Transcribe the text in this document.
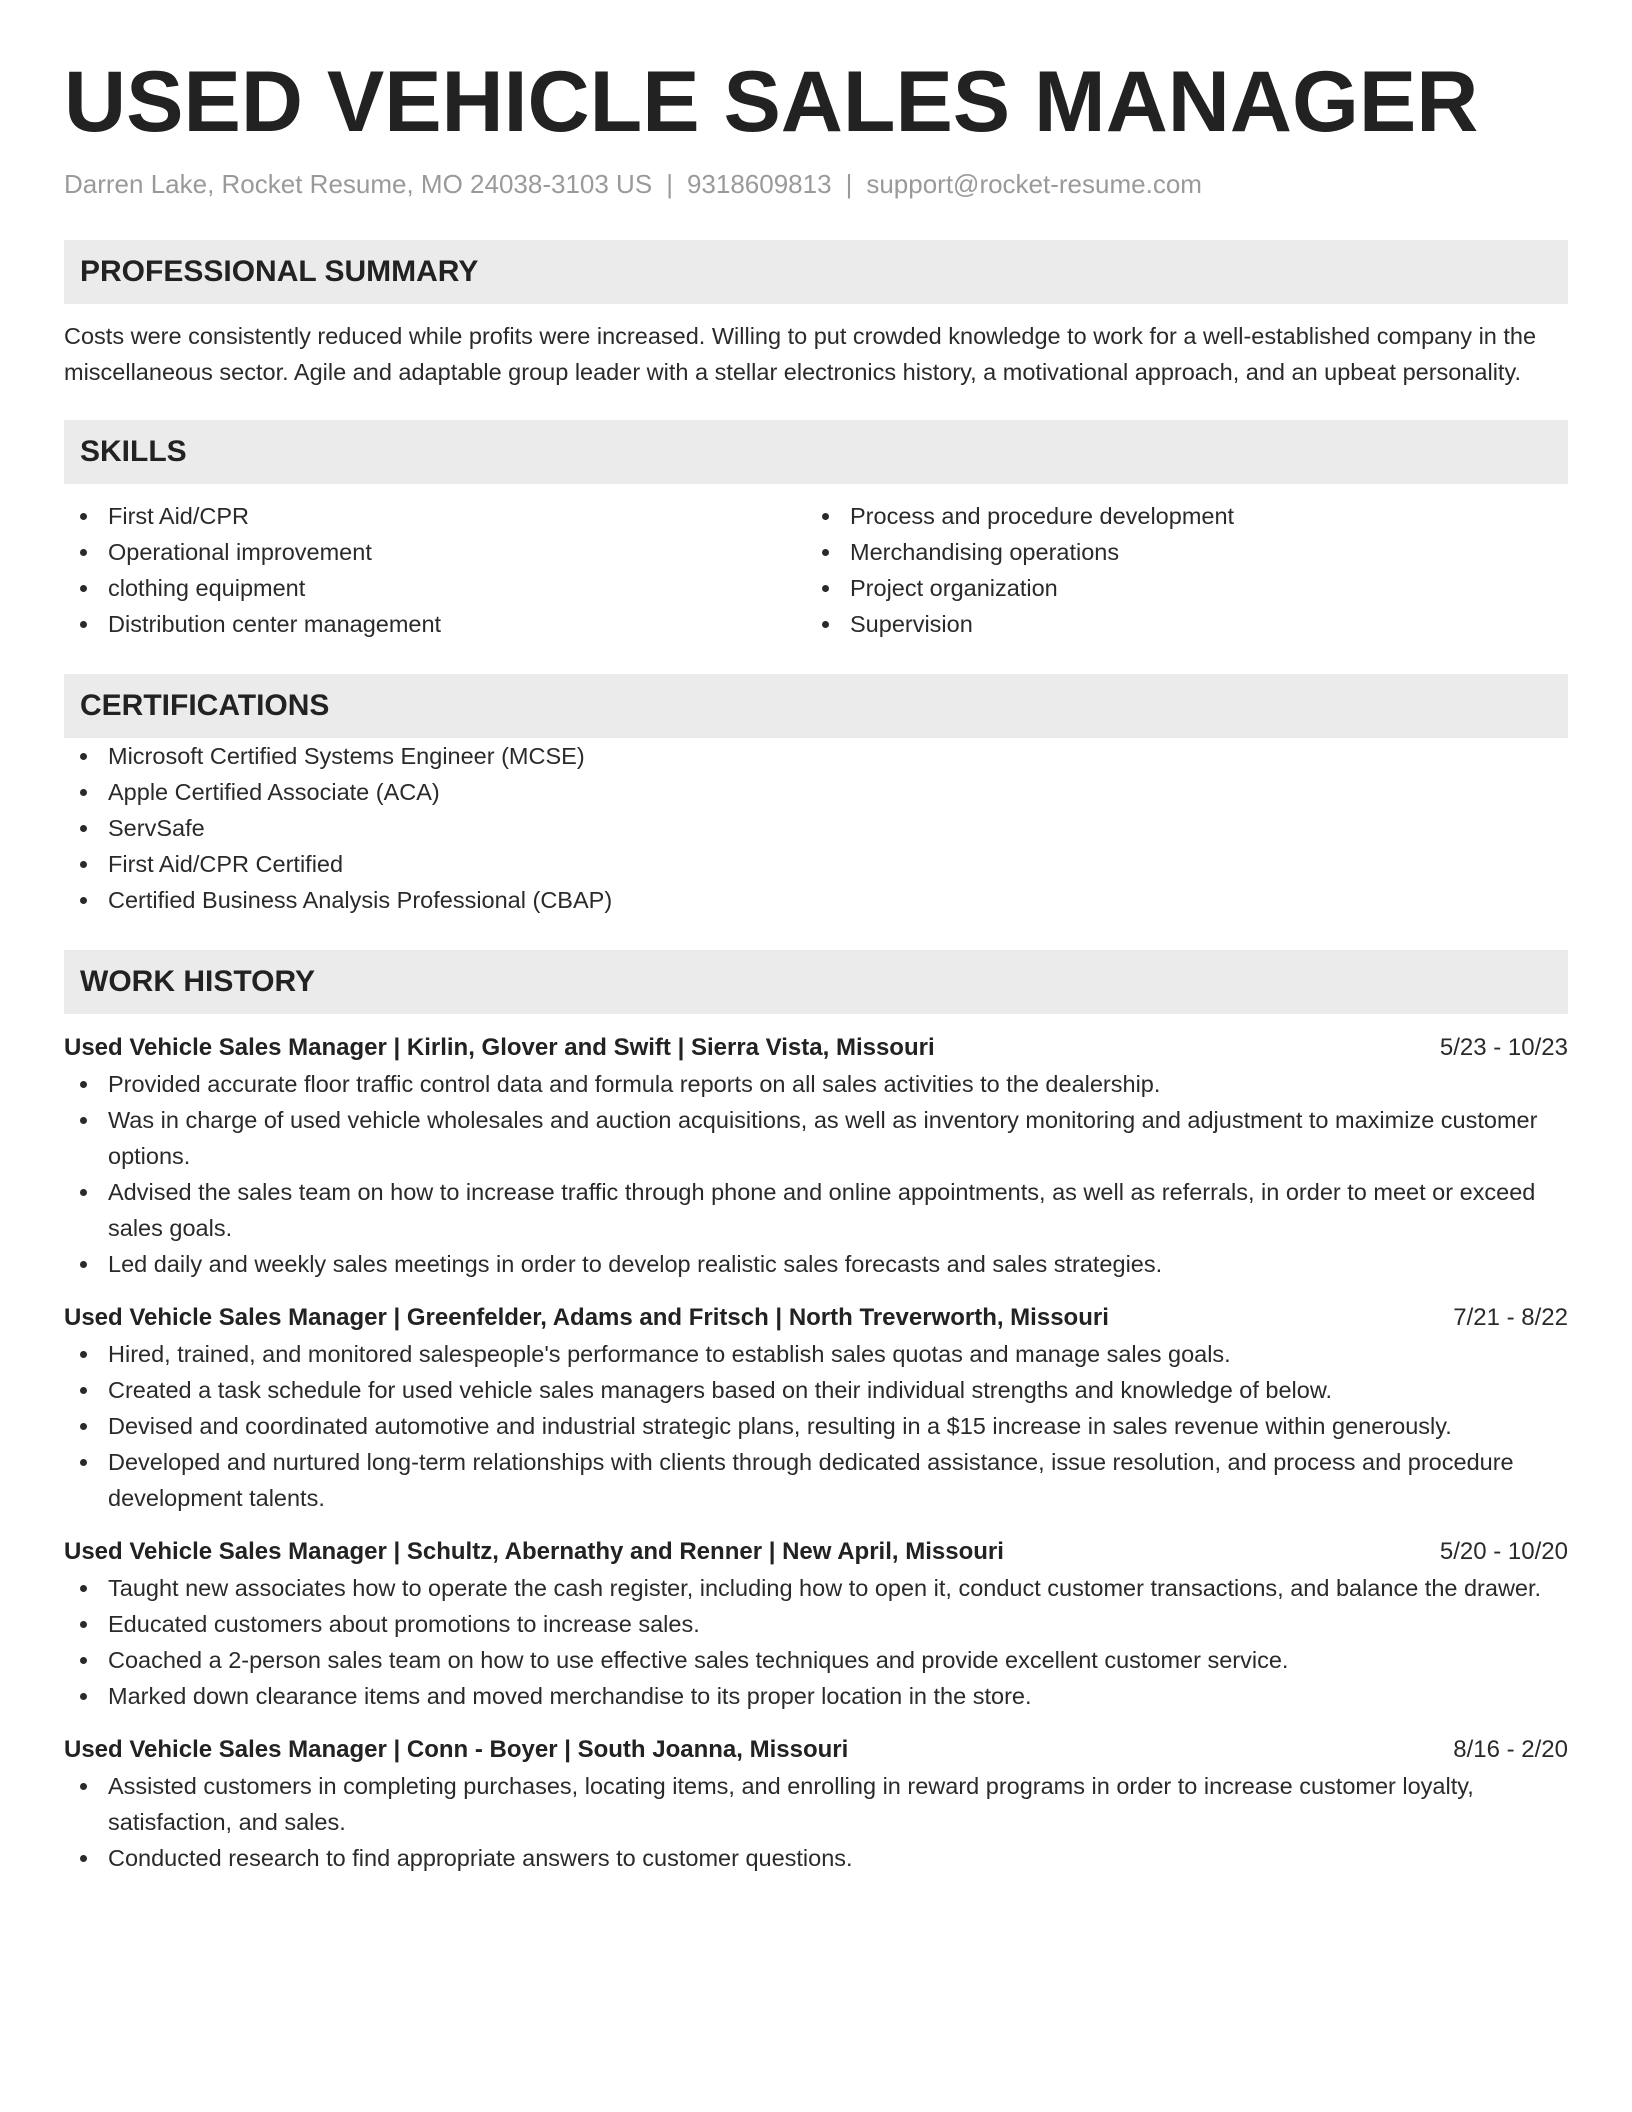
USED VEHICLE SALES MANAGER
Darren Lake, Rocket Resume, MO 24038-3103 US | 9318609813 | support@rocket-resume.com
PROFESSIONAL SUMMARY
Costs were consistently reduced while profits were increased. Willing to put crowded knowledge to work for a well-established company in the miscellaneous sector. Agile and adaptable group leader with a stellar electronics history, a motivational approach, and an upbeat personality.
SKILLS
First Aid/CPR
Operational improvement
clothing equipment
Distribution center management
Process and procedure development
Merchandising operations
Project organization
Supervision
CERTIFICATIONS
Microsoft Certified Systems Engineer (MCSE)
Apple Certified Associate (ACA)
ServSafe
First Aid/CPR Certified
Certified Business Analysis Professional (CBAP)
WORK HISTORY
Used Vehicle Sales Manager | Kirlin, Glover and Swift | Sierra Vista, Missouri	5/23 - 10/23
Provided accurate floor traffic control data and formula reports on all sales activities to the dealership.
Was in charge of used vehicle wholesales and auction acquisitions, as well as inventory monitoring and adjustment to maximize customer options.
Advised the sales team on how to increase traffic through phone and online appointments, as well as referrals, in order to meet or exceed sales goals.
Led daily and weekly sales meetings in order to develop realistic sales forecasts and sales strategies.
Used Vehicle Sales Manager | Greenfelder, Adams and Fritsch | North Treverworth, Missouri	7/21 - 8/22
Hired, trained, and monitored salespeople's performance to establish sales quotas and manage sales goals.
Created a task schedule for used vehicle sales managers based on their individual strengths and knowledge of below.
Devised and coordinated automotive and industrial strategic plans, resulting in a $15 increase in sales revenue within generously.
Developed and nurtured long-term relationships with clients through dedicated assistance, issue resolution, and process and procedure development talents.
Used Vehicle Sales Manager | Schultz, Abernathy and Renner | New April, Missouri	5/20 - 10/20
Taught new associates how to operate the cash register, including how to open it, conduct customer transactions, and balance the drawer.
Educated customers about promotions to increase sales.
Coached a 2-person sales team on how to use effective sales techniques and provide excellent customer service.
Marked down clearance items and moved merchandise to its proper location in the store.
Used Vehicle Sales Manager | Conn - Boyer | South Joanna, Missouri	8/16 - 2/20
Assisted customers in completing purchases, locating items, and enrolling in reward programs in order to increase customer loyalty, satisfaction, and sales.
Conducted research to find appropriate answers to customer questions.
